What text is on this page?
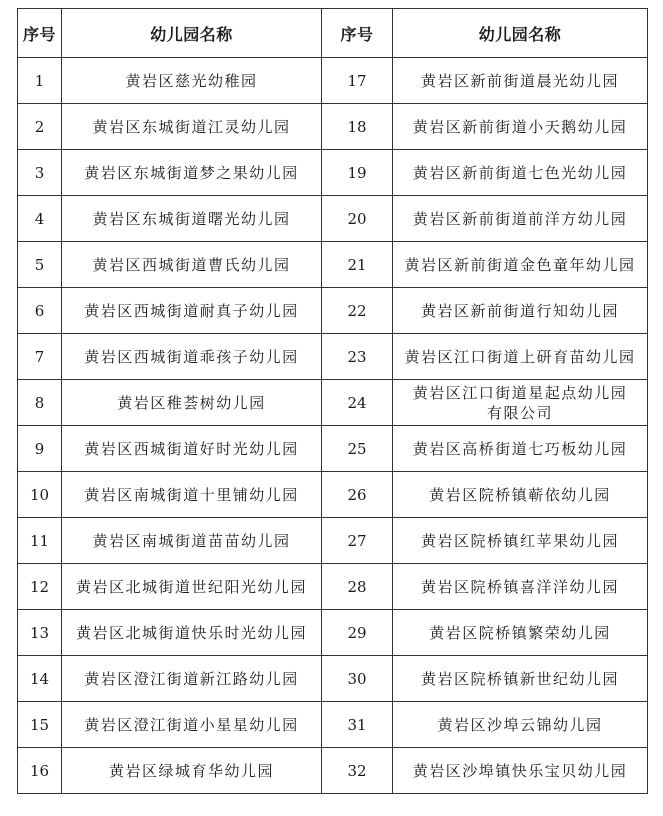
序号	幼儿园名称	序号	幼儿园名称
1	黄岩区慈光幼稚园	17	黄岩区新前街道晨光幼儿园
2	黄岩区东城街道江灵幼儿园	18	黄岩区新前街道小天鹅幼儿园
3	黄岩区东城街道梦之果幼儿园	19	黄岩区新前街道七色光幼儿园
4	黄岩区东城街道曙光幼儿园	20	黄岩区新前街道前洋方幼儿园
5	黄岩区西城街道曹氏幼儿园	21	黄岩区新前街道金色童年幼儿园
6	黄岩区西城街道耐真子幼儿园	22	黄岩区新前街道行知幼儿园
7	黄岩区西城街道乖孩子幼儿园	23	黄岩区江口街道上研育苗幼儿园
8	黄岩区稚荟树幼儿园	24	黄岩区江口街道星起点幼儿园
有限公司
9	黄岩区西城街道好时光幼儿园	25	黄岩区高桥街道七巧板幼儿园
10	黄岩区南城街道十里铺幼儿园	26	黄岩区院桥镇蕲依幼儿园
11	黄岩区南城街道苗苗幼儿园	27	黄岩区院桥镇红苹果幼儿园
12	黄岩区北城街道世纪阳光幼儿园	28	黄岩区院桥镇喜洋洋幼儿园
13	黄岩区北城街道快乐时光幼儿园	29	黄岩区院桥镇繁荣幼儿园
14	黄岩区澄江街道新江路幼儿园	30	黄岩区院桥镇新世纪幼儿园
15	黄岩区澄江街道小星星幼儿园	31	黄岩区沙埠云锦幼儿园
16	黄岩区绿城育华幼儿园	32	黄岩区沙埠镇快乐宝贝幼儿园
